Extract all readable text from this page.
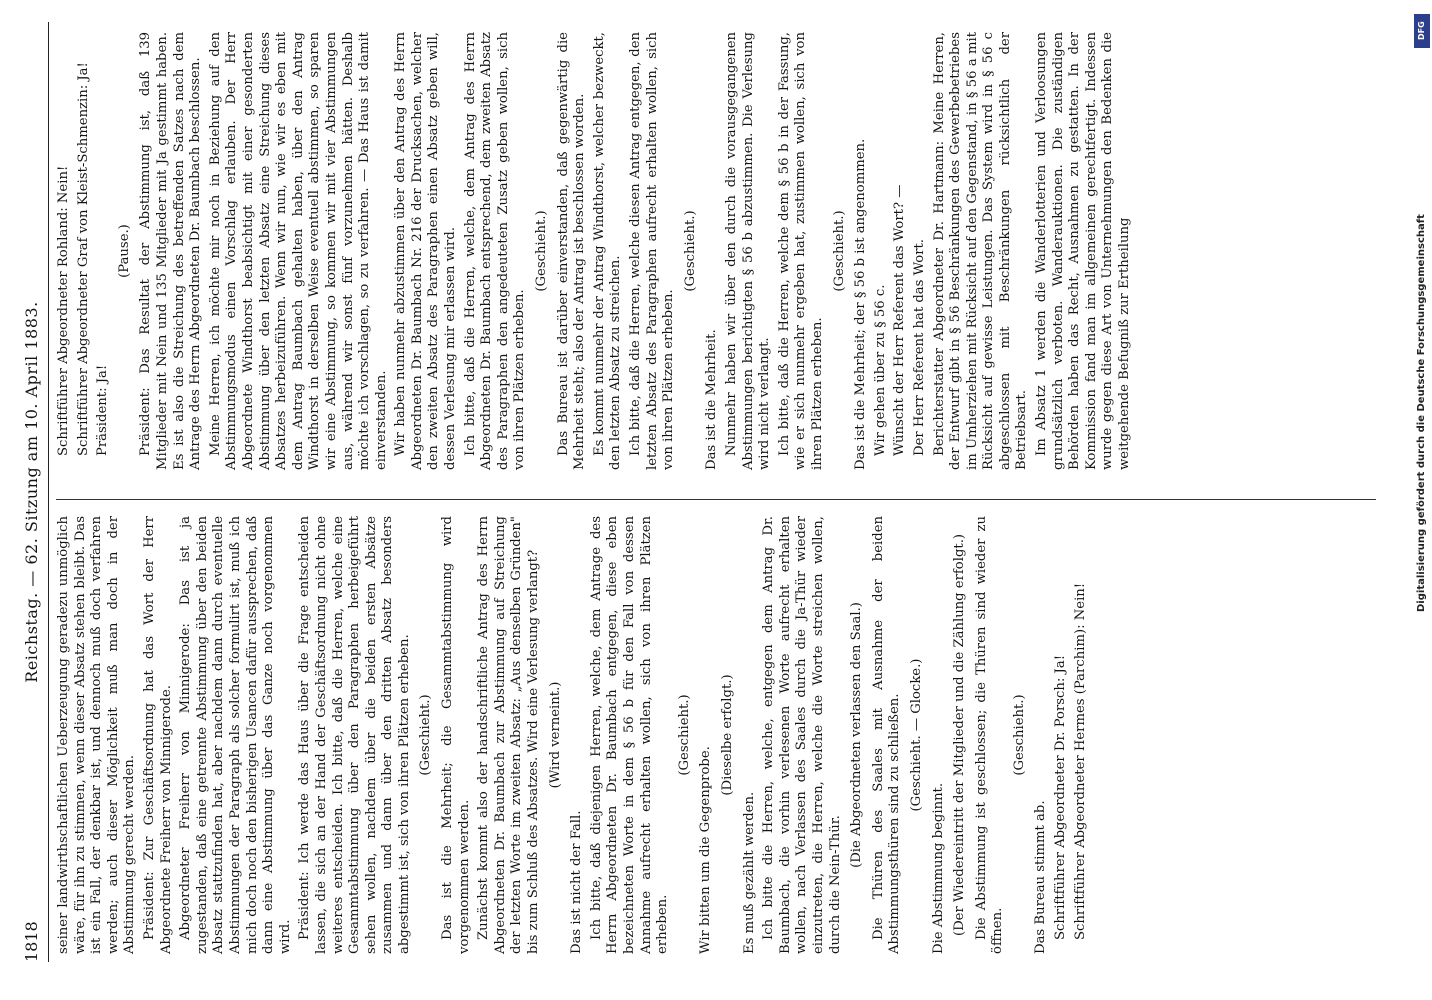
1818
Reichstag. — 62. Sitzung am 10. April 1883.

seiner landwirthschaftlichen Ueberzeugung geradezu unmöglich wäre, für ihn zu stimmen, wenn dieser Absatz stehen bleibt. Das ist ein Fall, der denkbar ist, und dennoch muß doch verfahren werden; auch dieser Möglichkeit muß man doch in der Abstimmung gerecht werden. Präsident: Zur Geschäftsordnung hat das Wort der Herr Abgeordnete Freiherr von Minnigerode. Abgeordneter Freiherr von Minnigerode: Das ist ja zugestanden, daß eine getrennte Abstimmung über den beiden Absatz stattzufinden hat, aber nachdem dann durch eventuelle Abstimmungen der Paragraph als solcher formulirt ist, muß ich mich doch noch den bisherigen Usancen dafür aussprechen, daß dann eine Abstimmung über das Ganze noch vorgenommen wird. Präsident: Ich werde das Haus über die Frage entscheiden lassen, die sich an der Hand der Geschäftsordnung nicht ohne weiteres entscheiden. Ich bitte, daß die Herren, welche eine Gesammtabstimmung über den Paragraphen herbeigeführt sehen wollen, nachdem über die beiden ersten Absätze zusammen und dann über den dritten Absatz besonders abgestimmt ist, sich von ihren Plätzen erheben. (Geschieht.) Das ist die Mehrheit; die Gesammtabstimmung wird vorgenommen werden. Zunächst kommt also der handschriftliche Antrag des Herrn Abgeordneten Dr. Baumbach zur Abstimmung auf Streichung der letzten Worte im zweiten Absatz: „Aus denselben Gründen" bis zum Schluß des Absatzes. Wird eine Verlesung verlangt? (Wird verneint.)

Das ist nicht der Fall. Ich bitte, daß diejenigen Herren, welche, dem Antrage des Herrn Abgeordneten Dr. Baumbach entgegen, diese eben bezeichneten Worte in dem § 56 b für den Fall von dessen Annahme aufrecht erhalten wollen, sich von ihren Plätzen erheben.

(Geschieht.)

Wir bitten um die Gegenprobe.

(Dieselbe erfolgt.)

Es muß gezählt werden. Ich bitte die Herren, welche, entgegen dem Antrag Dr. Baumbach, die vorhin verlesenen Worte aufrecht erhalten wollen, nach Verlassen des Saales durch die Ja-Thür wieder einzutreten, die Herren, welche die Worte streichen wollen, durch die Nein-Thür.

(Die Abgeordneten verlassen den Saal.) Die Thüren des Saales mit Ausnahme der beiden Abstimmungsthüren sind zu schließen. (Geschieht. — Glocke.)

Die Abstimmung beginnt. (Der Wiedereintritt der Mitglieder und die Zählung erfolgt.) Die Abstimmung ist geschlossen; die Thüren sind wieder zu öffnen.

(Geschieht.)

Das Bureau stimmt ab. Schriftführer Abgeordneter Dr. Porsch: Ja! Schriftführer Abgeordneter Hermes (Parchim): Nein!

Schriftführer Abgeordneter Rohland: Nein! Schriftführer Abgeordneter Graf von Kleist-Schmenzin: Ja! Präsident: Ja!

(Pause.) Präsident: Das Resultat der Abstimmung ist, daß 139 Mitglieder mit Nein und 135 Mitglieder mit Ja gestimmt haben. Es ist also die Streichung des betreffenden Satzes nach dem Antrage des Herrn Abgeordneten Dr. Baumbach beschlossen. Meine Herren, ich möchte mir noch in Beziehung auf den Abstimmungsmodus einen Vorschlag erlauben. Der Herr Abgeordnete Windthorst beabsichtigt mit einer gesonderten Abstimmung über den letzten Absatz eine Streichung dieses Absatzes herbeizuführen. Wenn wir nun, wie wir es eben mit dem Antrag Baumbach gehalten haben, über den Antrag Windthorst in derselben Weise eventuell abstimmen, so sparen wir eine Abstimmung, so kommen wir mit vier Abstimmungen aus, während wir sonst fünf vorzunehmen hätten. Deshalb möchte ich vorschlagen, so zu verfahren. — Das Haus ist damit einverstanden. Wir haben nunmehr abzustimmen über den Antrag des Herrn Abgeordneten Dr. Baumbach Nr. 216 der Drucksachen, welcher den zweiten Absatz des Paragraphen einen Absatz geben will, dessen Verlesung mir erlassen wird. Ich bitte, daß die Herren, welche, dem Antrag des Herrn Abgeordneten Dr. Baumbach entsprechend, dem zweiten Absatz des Paragraphen den angedeuteten Zusatz geben wollen, sich von ihren Plätzen erheben.

(Geschieht.) Das Bureau ist darüber einverstanden, daß gegenwärtig die Mehrheit steht; also der Antrag ist beschlossen worden. Es kommt nunmehr der Antrag Windthorst, welcher bezweckt, den letzten Absatz zu streichen. Ich bitte, daß die Herren, welche diesen Antrag entgegen, den letzten Absatz des Paragraphen aufrecht erhalten wollen, sich von ihren Plätzen erheben.

(Geschieht.)

Das ist die Mehrheit. Nunmehr haben wir über den durch die vorausgegangenen Abstimmungen berichtigten § 56 b abzustimmen. Die Verlesung wird nicht verlangt. Ich bitte, daß die Herren, welche dem § 56 b in der Fassung, wie er sich nunmehr ergeben hat, zustimmen wollen, sich von ihren Plätzen erheben.

(Geschieht.) Das ist die Mehrheit; der § 56 b ist angenommen. Wir gehen über zu § 56 c. Wünscht der Herr Referent das Wort? — Der Herr Referent hat das Wort. Berichterstatter Abgeordneter Dr. Hartmann: Meine Herren, der Entwurf gibt in § 56 Beschränkungen des Gewerbebetriebes im Umherziehen mit Rücksicht auf den Gegenstand, in § 56 a mit Rücksicht auf gewisse Leistungen. Das System wird in § 56 c abgeschlossen mit Beschränkungen rücksichtlich der Betriebsart. Im Absatz 1 werden die Wanderlotterien und Verloosungen grundsätzlich verboten. Wanderauktionen. Die zuständigen Behörden haben das Recht, Ausnahmen zu gestatten. In der Kommission fand man im allgemeinen gerechtfertigt. Indessen wurde gegen diese Art von Unternehmungen den Bedenken die weitgehende Befugniß zur Ertheilung

DFG
Digitalisierung gefördert durch die Deutsche Forschungsgemeinschaft
